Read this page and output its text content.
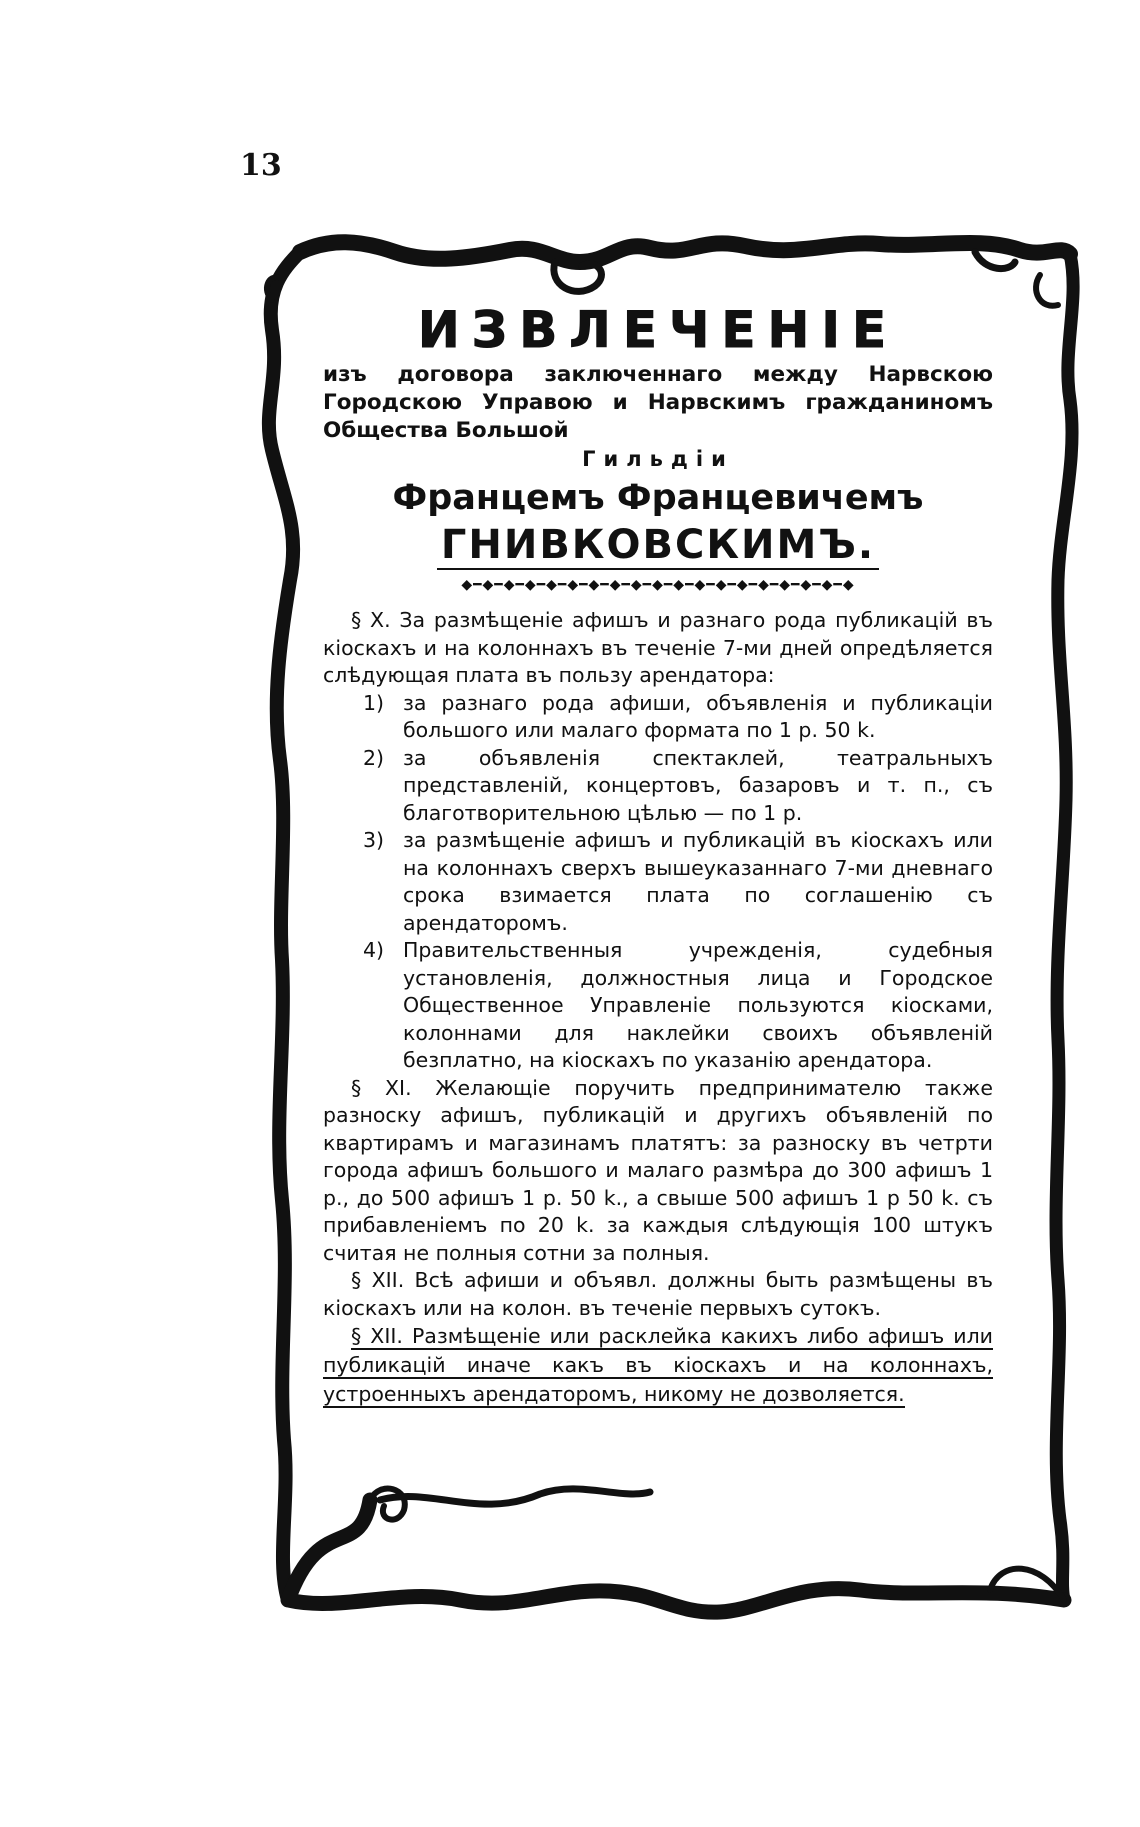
13
ИЗВЛЕЧЕНІЕ

изъ договора заключеннаго между Нарвскою Городскою Управою и Нарвскимъ гражданиномъ Общества Большой

Гильдіи

Францемъ Францевичемъ

ГНИВКОВСКИМЪ.

◆━◆━◆━◆━◆━◆━◆━◆━◆━◆━◆━◆━◆━◆━◆━◆━◆━◆━◆

§ X. За размѣщеніе афишъ и разнаго рода публикацій въ кіоскахъ и на колоннахъ въ теченіе 7-ми дней опредѣляется слѣдующая плата въ пользу арендатора:

1) за разнаго рода афиши, объявленія и публикаціи большого или малаго формата по 1 р. 50 k.

2) за объявленія спектаклей, театральныхъ представленій, концертовъ, базаровъ и т. п., съ благотворительною цѣлью — по 1 р.

3) за размѣщеніе афишъ и публикацій въ кіоскахъ или на колоннахъ сверхъ вышеуказаннаго 7-ми дневнаго срока взимается плата по соглашенію съ арендаторомъ.

4) Правительственныя учрежденія, судебныя установленія, должностныя лица и Городское Общественное Управленіе пользуются кіосками, колоннами для наклейки своихъ объявленій безплатно, на кіоскахъ по указанію арендатора.

§ XI. Желающіе поручить предпринимателю также разноску афишъ, публикацій и другихъ объявленій по квартирамъ и магазинамъ платятъ: за разноску въ четрти города афишъ большого и малаго размѣра до 300 афишъ 1 р., до 500 афишъ 1 р. 50 k., а свыше 500 афишъ 1 р 50 k. съ прибавленіемъ по 20 k. за каждыя слѣдующія 100 штукъ считая не полныя сотни за полныя.

§ XII. Всѣ афиши и объявл. должны быть размѣщены въ кіоскахъ или на колон. въ теченіе первыхъ сутокъ.

§ XII. Размѣщеніе или расклейка какихъ либо афишъ или публикацій иначе какъ въ кіоскахъ и на колоннахъ, устроенныхъ арендаторомъ, никому не дозволяется.
